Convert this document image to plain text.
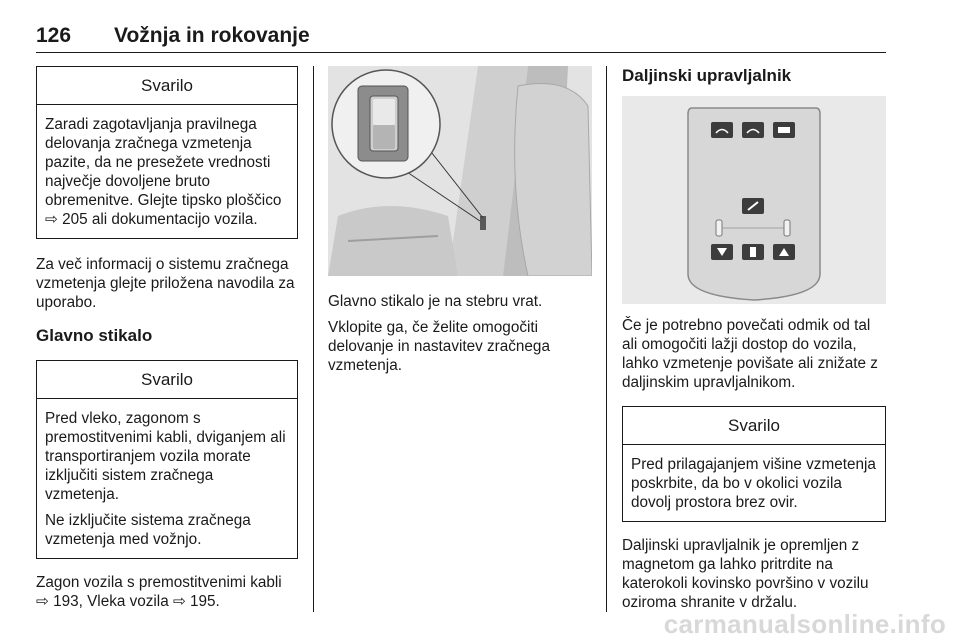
126 Vožnja in rokovanje
Svarilo

Zaradi zagotavljanja pravilnega delovanja zračnega vzmetenja pazite, da ne presežete vrednosti največje dovoljene bruto obremenitve. Glejte tipsko ploščico ⇨ 205 ali dokumentacijo vozila.

Za več informacij o sistemu zračnega vzmetenja glejte priložena navodila za uporabo.

Glavno stikalo
Svarilo

Pred vleko, zagonom s premostitvenimi kabli, dviganjem ali transportiranjem vozila morate izključiti sistem zračnega vzmetenja.

Ne izključite sistema zračnega vzmetenja med vožnjo.

Zagon vozila s premostitvenimi kabli ⇨ 193, Vleka vozila ⇨ 195.

Glavno stikalo je na stebru vrat.

Vklopite ga, če želite omogočiti delovanje in nastavitev zračnega vzmetenja.

Daljinski upravljalnik

Če je potrebno povečati odmik od tal ali omogočiti lažji dostop do vozila, lahko vzmetenje povišate ali znižate z daljinskim upravljalnikom.

Svarilo

Pred prilagajanjem višine vzmetenja poskrbite, da bo v okolici vozila dovolj prostora brez ovir.

Daljinski upravljalnik je opremljen z magnetom ga lahko pritrdite na katerokoli kovinsko površino v vozilu oziroma shranite v držalu.

carmanualsonline.info
